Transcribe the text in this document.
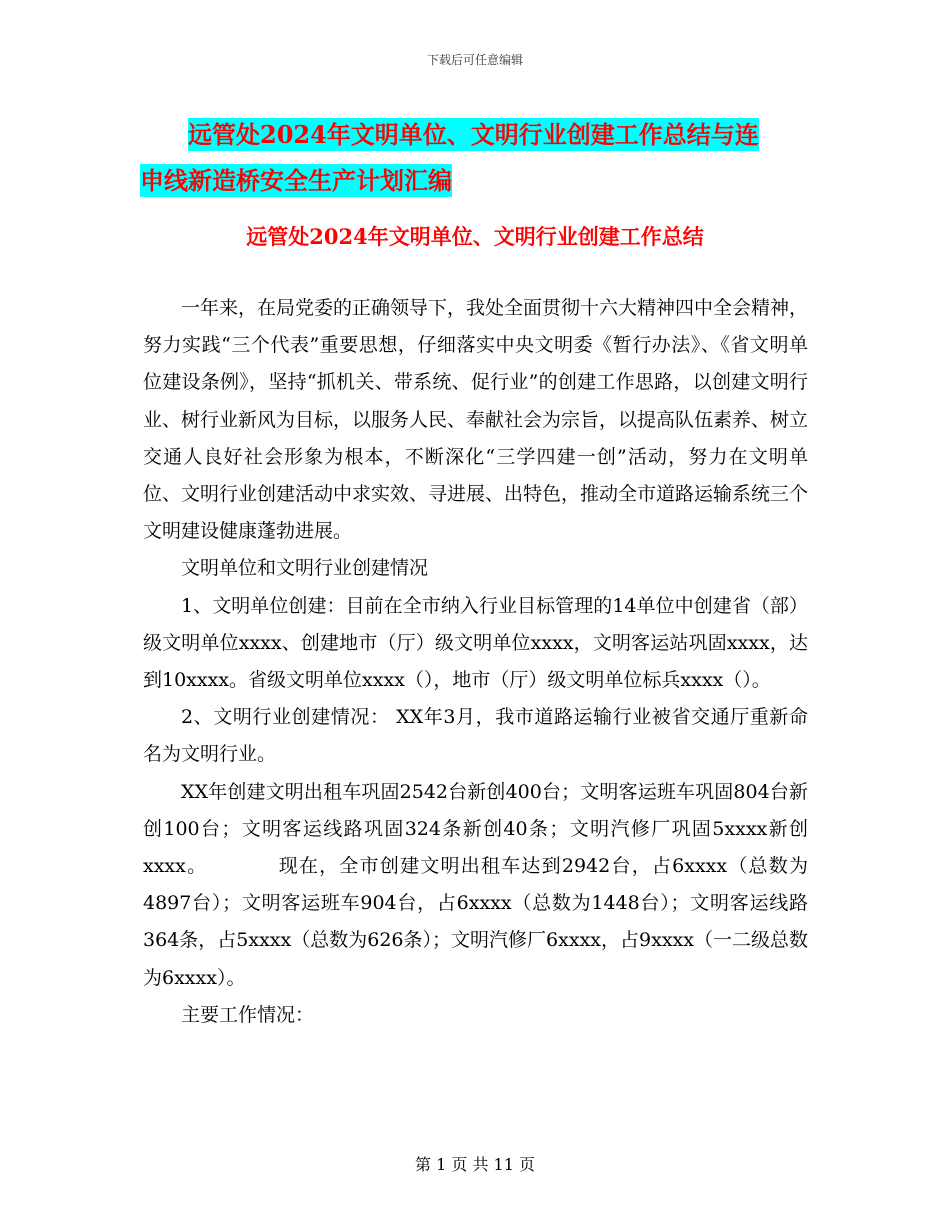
下载后可任意编辑
远管处2024年文明单位、文明行业创建工作总结与连
申线新造桥安全生产计划汇编
远管处2024年文明单位、文明行业创建工作总结

一年来，在局党委的正确领导下，我处全面贯彻十六大精神四中全会精神，努力实践“三个代表”重要思想，仔细落实中央文明委《暂行办法》、《省文明单位建设条例》，坚持“抓机关、带系统、促行业”的创建工作思路，以创建文明行业、树行业新风为目标，以服务人民、奉献社会为宗旨，以提高队伍素养、树立交通人良好社会形象为根本，不断深化“三学四建一创”活动，努力在文明单位、文明行业创建活动中求实效、寻进展、出特色，推动全市道路运输系统三个文明建设健康蓬勃进展。

文明单位和文明行业创建情况

1、文明单位创建：目前在全市纳入行业目标管理的14单位中创建省（部）级文明单位xxxx、创建地市（厅）级文明单位xxxx，文明客运站巩固xxxx，达到10xxxx。省级文明单位xxxx（），地市（厅）级文明单位标兵xxxx（）。

2、文明行业创建情况： XX年3月，我市道路运输行业被省交通厅重新命名为文明行业。

XX年创建文明出租车巩固2542台新创400台；文明客运班车巩固804台新创100台；文明客运线路巩固324条新创40条；文明汽修厂巩固5xxxx新创xxxx。　　　　现在，全市创建文明出租车达到2942台，占6xxxx（总数为4897台）；文明客运班车904台，占6xxxx（总数为1448台）；文明客运线路364条，占5xxxx（总数为626条）；文明汽修厂6xxxx，占9xxxx（一二级总数为6xxxx）。

主要工作情况：

第 1 页 共 11 页
